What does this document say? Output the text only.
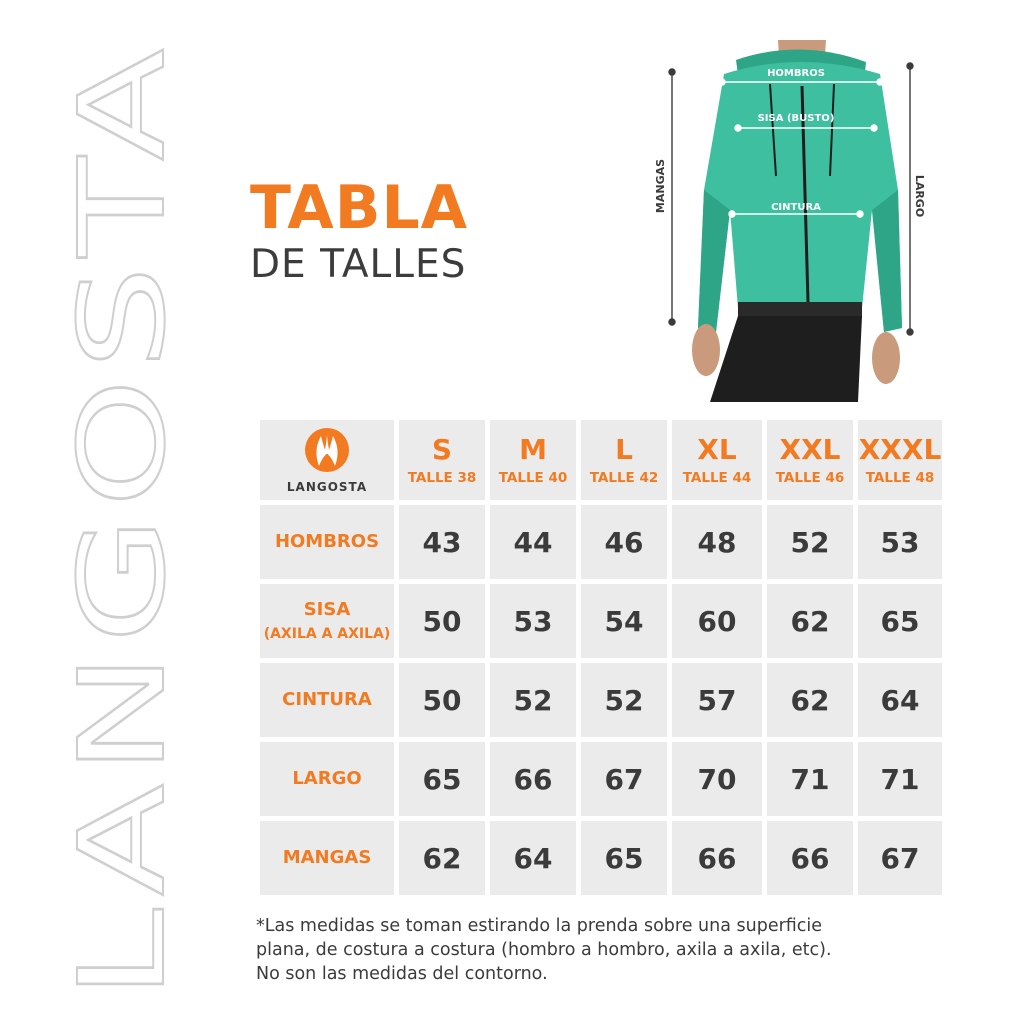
LANGOSTA
TABLA
DE TALLES
HOMBROS
SISA (BUSTO)
CINTURA
MANGAS	LARGO
LANGOSTA
S
TALLE 38
M
TALLE 40
L
TALLE 42
XL
TALLE 44
XXL
TALLE 46
XXXL
TALLE 48
HOMBROS 43 44 46 48 52 53
SISA
(AXILA A AXILA) 50 53 54 60 62 65
CINTURA 50 52 52 57 62 64
LARGO 65 66 67 70 71 71
MANGAS 62 64 65 66 66 67
*Las medidas se toman estirando la prenda sobre una superficie
plana, de costura a costura (hombro a hombro, axila a axila, etc).
No son las medidas del contorno.
